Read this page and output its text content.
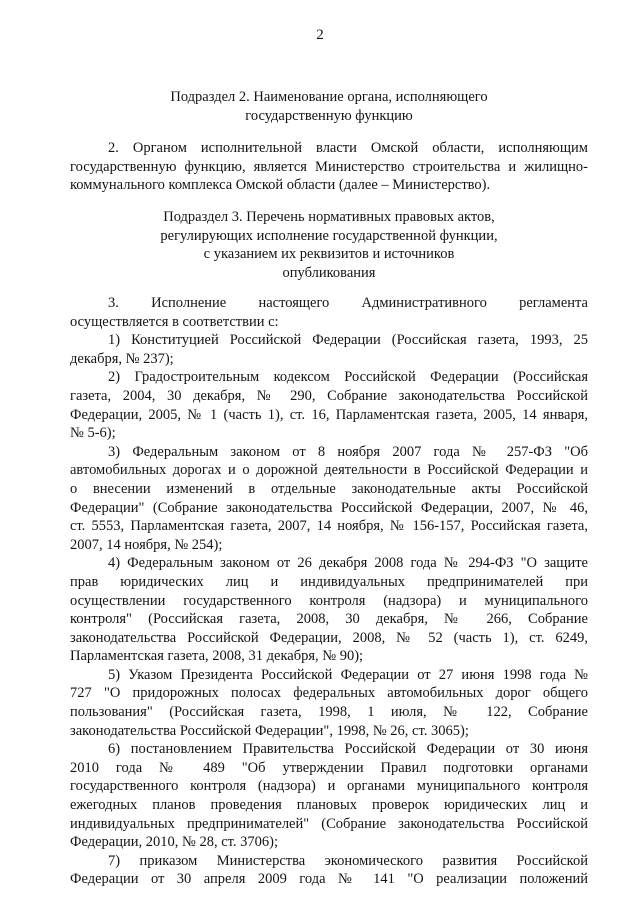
2
Подраздел 2. Наименование органа, исполняющего
государственную функцию
2. Органом исполнительной власти Омской области, исполняющим
государственную функцию, является Министерство строительства и жилищно-
коммунального комплекса Омской области (далее – Министерство).
Подраздел 3. Перечень нормативных правовых актов,
регулирующих исполнение государственной функции,
с указанием их реквизитов и источников
опубликования
3. Исполнение настоящего Административного регламента
осуществляется в соответствии с:
1) Конституцией Российской Федерации (Российская газета, 1993, 25
декабря, № 237);
2) Градостроительным кодексом Российской Федерации (Российская
газета, 2004, 30 декабря, № 290, Собрание законодательства Российской
Федерации, 2005, № 1 (часть 1), ст. 16, Парламентская газета, 2005, 14 января,
№ 5-6);
3) Федеральным законом от 8 ноября 2007 года № 257-ФЗ "Об
автомобильных дорогах и о дорожной деятельности в Российской Федерации и
о внесении изменений в отдельные законодательные акты Российской
Федерации" (Собрание законодательства Российской Федерации, 2007, № 46,
ст. 5553, Парламентская газета, 2007, 14 ноября, № 156-157, Российская газета,
2007, 14 ноября, № 254);
4) Федеральным законом от 26 декабря 2008 года № 294-ФЗ "О защите
прав юридических лиц и индивидуальных предпринимателей при
осуществлении государственного контроля (надзора) и муниципального
контроля" (Российская газета, 2008, 30 декабря, № 266, Собрание
законодательства Российской Федерации, 2008, № 52 (часть 1), ст. 6249,
Парламентская газета, 2008, 31 декабря, № 90);
5) Указом Президента Российской Федерации от 27 июня 1998 года №
727 "О придорожных полосах федеральных автомобильных дорог общего
пользования" (Российская газета, 1998, 1 июля, № 122, Собрание
законодательства Российской Федерации", 1998, № 26, ст. 3065);
6) постановлением Правительства Российской Федерации от 30 июня
2010 года № 489 "Об утверждении Правил подготовки органами
государственного контроля (надзора) и органами муниципального контроля
ежегодных планов проведения плановых проверок юридических лиц и
индивидуальных предпринимателей" (Собрание законодательства Российской
Федерации, 2010, № 28, ст. 3706);
7) приказом Министерства экономического развития Российской
Федерации от 30 апреля 2009 года № 141 "О реализации положений
